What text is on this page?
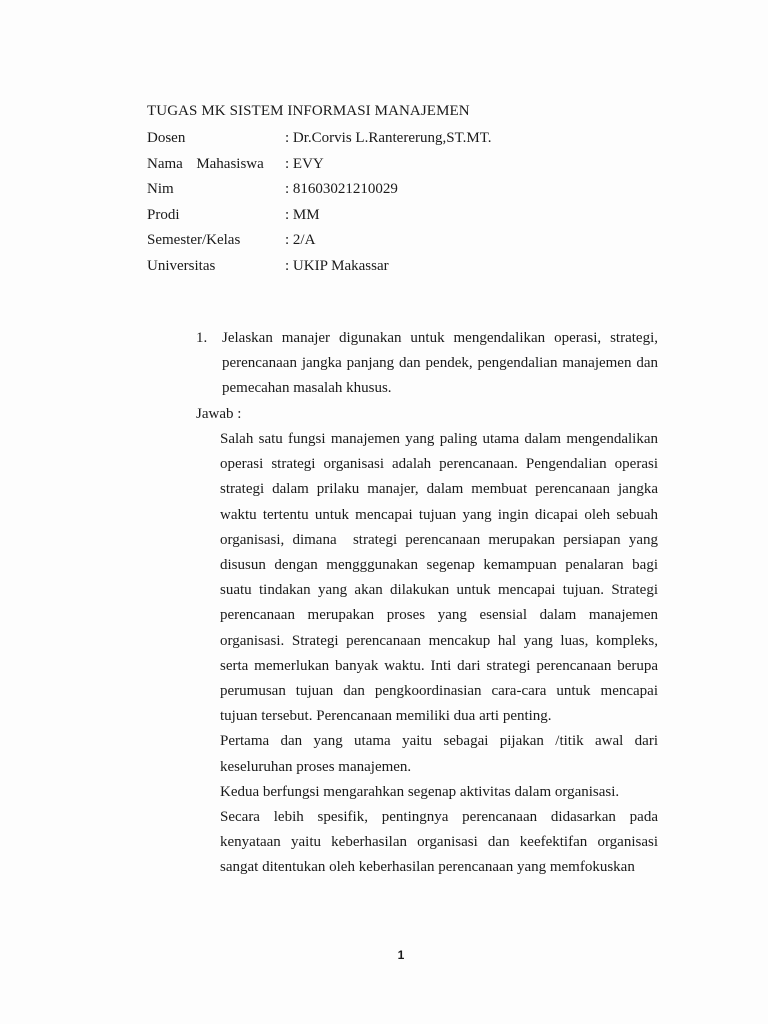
TUGAS MK SISTEM INFORMASI MANAJEMEN
Dosen	: Dr.Corvis L.Rantererung,ST.MT.
Nama  Mahasiswa	: EVY
Nim	: 81603021210029
Prodi	: MM
Semester/Kelas	: 2/A
Universitas	: UKIP Makassar
1. Jelaskan manajer digunakan untuk mengendalikan operasi, strategi, perencanaan jangka panjang dan pendek, pengendalian manajemen dan pemecahan masalah khusus.
Jawab :

Salah satu fungsi manajemen yang paling utama dalam mengendalikan operasi strategi organisasi adalah perencanaan. Pengendalian operasi strategi dalam prilaku manajer, dalam membuat perencanaan jangka waktu tertentu untuk mencapai tujuan yang ingin dicapai oleh sebuah organisasi, dimana  strategi perencanaan merupakan persiapan yang disusun dengan mengggunakan segenap kemampuan penalaran bagi suatu tindakan yang akan dilakukan untuk mencapai tujuan. Strategi perencanaan merupakan proses yang esensial dalam manajemen organisasi. Strategi perencanaan mencakup hal yang luas, kompleks, serta memerlukan banyak waktu. Inti dari strategi perencanaan berupa perumusan tujuan dan pengkoordinasian cara-cara untuk mencapai tujuan tersebut. Perencanaan memiliki dua arti penting.

Pertama dan yang utama yaitu sebagai pijakan /titik awal dari keseluruhan proses manajemen.

Kedua berfungsi mengarahkan segenap aktivitas dalam organisasi.

Secara lebih spesifik, pentingnya perencanaan didasarkan pada kenyataan yaitu keberhasilan organisasi dan keefektifan organisasi sangat ditentukan oleh keberhasilan perencanaan yang memfokuskan

1
